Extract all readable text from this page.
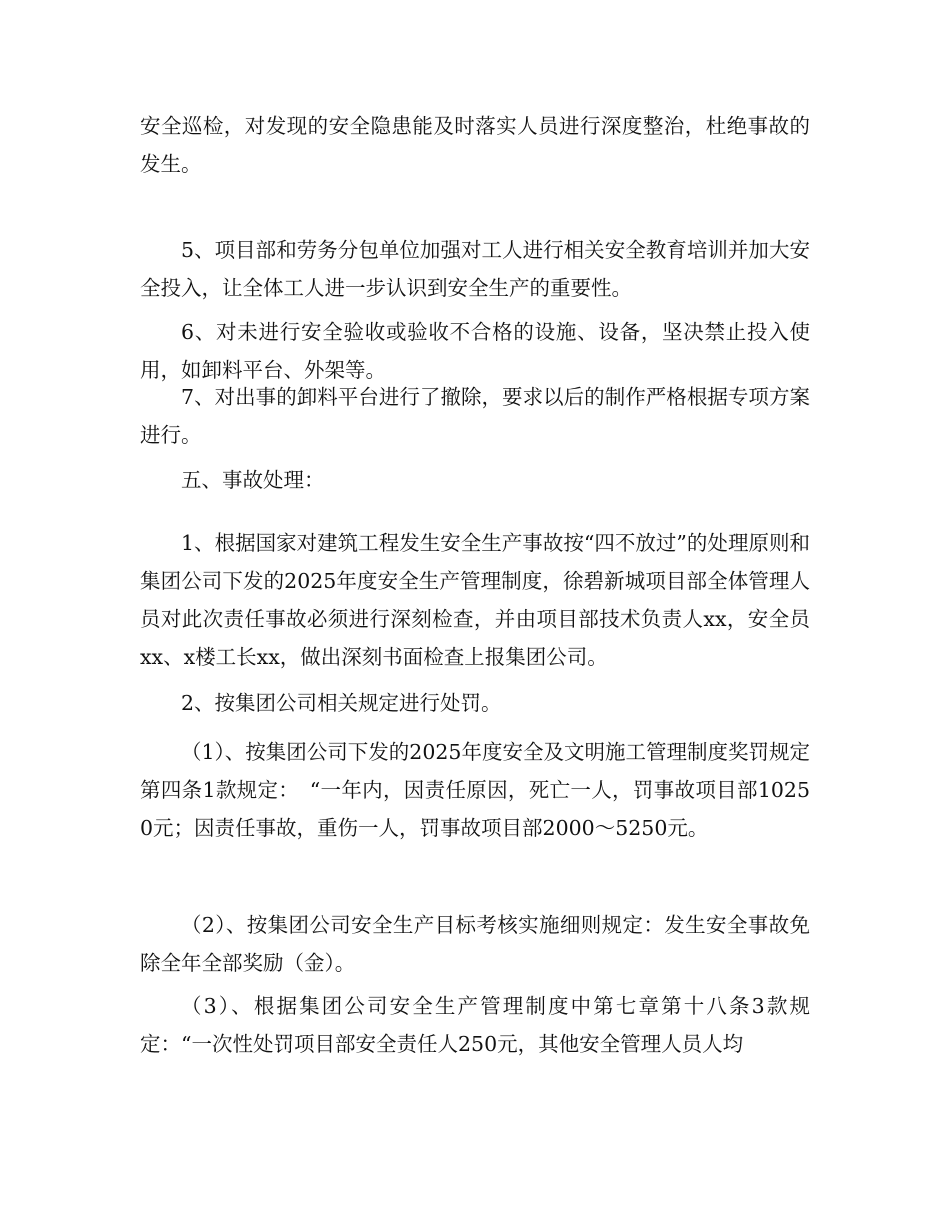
安全巡检，对发现的安全隐患能及时落实人员进行深度整治，杜绝事故的发生。

5、项目部和劳务分包单位加强对工人进行相关安全教育培训并加大安全投入，让全体工人进一步认识到安全生产的重要性。

6、对未进行安全验收或验收不合格的设施、设备，坚决禁止投入使用，如卸料平台、外架等。

7、对出事的卸料平台进行了撤除，要求以后的制作严格根据专项方案进行。

五、事故处理：

1、根据国家对建筑工程发生安全生产事故按“四不放过”的处理原则和集团公司下发的2025年度安全生产管理制度，徐碧新城项目部全体管理人员对此次责任事故必须进行深刻检查，并由项目部技术负责人xx，安全员xx、x楼工长xx，做出深刻书面检查上报集团公司。

2、按集团公司相关规定进行处罚。

（1）、按集团公司下发的2025年度安全及文明施工管理制度奖罚规定第四条1款规定：　“一年内，因责任原因，死亡一人，罚事故项目部10250元；因责任事故，重伤一人，罚事故项目部2000～5250元。

（2）、按集团公司安全生产目标考核实施细则规定：发生安全事故免除全年全部奖励（金）。

（3）、根据集团公司安全生产管理制度中第七章第十八条3款规定：“一次性处罚项目部安全责任人250元，其他安全管理人员人均
